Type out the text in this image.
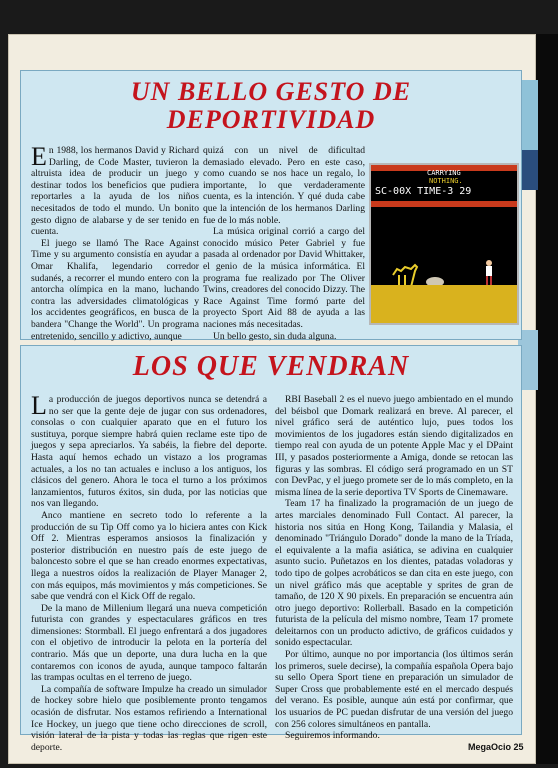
UN BELLO GESTO DE
DEPORTIVIDAD

En 1988, los hermanos David y Richard Darling, de Code Master, tuvieron la altruista idea de producir un juego y destinar todos los beneficios que pudiera reportarles a la ayuda de los niños necesitados de todo el mundo. Un bonito gesto digno de alabarse y de ser tenido en cuenta.

El juego se llamó The Race Against Time y su argumento consistía en ayudar a Omar Khalifa, legendario corredor sudanés, a recorrer el mundo entero con la antorcha olímpica en la mano, luchando contra las adversidades climatológicas y los accidentes geográficos, en busca de la bandera "Change the World". Un programa entretenido, sencillo y adictivo, aunque

quizá con un nivel de dificultad demasiado elevado. Pero en este caso, como cuando se nos hace un regalo, lo importante, lo que verdaderamente cuenta, es la intención. Y qué duda cabe que la intención de los hermanos Darling fue de lo más noble.

La música original corrió a cargo del conocido músico Peter Gabriel y fue pasada al ordenador por David Whittaker, el genio de la música informática. El programa fue realizado por The Oliver Twins, creadores del conocido Dizzy. The Race Against Time formó parte del proyecto Sport Aid 88 de ayuda a las naciones más necesitadas.

Un bello gesto, sin duda alguna.

CARRYING
NOTHING.
SC-00X TIME-3 29
LOS QUE VENDRAN

La producción de juegos deportivos nunca se detendrá a no ser que la gente deje de jugar con sus ordenadores, consolas o con cualquier aparato que en el futuro los sustituya, porque siempre habrá quien reclame este tipo de juegos y sepa apreciarlos. Ya sabéis, la fiebre del deporte. Hasta aquí hemos echado un vistazo a los programas actuales, a los no tan actuales e incluso a los antiguos, los clásicos del genero. Ahora le toca el turno a los próximos lanzamientos, futuros éxitos, sin duda, por las noticias que nos van llegando.

Anco mantiene en secreto todo lo referente a la producción de su Tip Off como ya lo hiciera antes con Kick Off 2. Mientras esperamos ansiosos la finalización y posterior distribución en nuestro país de este juego de baloncesto sobre el que se han creado enormes expectativas, llega a nuestros oídos la realización de Player Manager 2, con más equipos, más movimientos y más competiciones. Se sabe que vendrá con el Kick Off de regalo.

De la mano de Millenium llegará una nueva competición futurista con grandes y espectaculares gráficos en tres dimensiones: Stormball. El juego enfrentará a dos jugadores con el objetivo de introducir la pelota en la portería del contrario. Más que un deporte, una dura lucha en la que contaremos con iconos de ayuda, aunque tampoco faltarán las trampas ocultas en el terreno de juego.

La compañía de software Impulze ha creado un simulador de hockey sobre hielo que posiblemente pronto tengamos ocasión de disfrutar. Nos estamos refiriendo a International Ice Hockey, un juego que tiene ocho direcciones de scroll, visión lateral de la pista y todas las reglas que rigen este deporte.

RBI Baseball 2 es el nuevo juego ambientado en el mundo del béisbol que Domark realizará en breve. Al parecer, el nivel gráfico será de auténtico lujo, pues todos los movimientos de los jugadores están siendo digitalizados en tiempo real con ayuda de un potente Apple Mac y el DPaint III, y pasados posteriormente a Amiga, donde se retocan las figuras y las sombras. El código será programado en un ST con DevPac, y el juego promete ser de lo más completo, en la misma línea de la serie deportiva TV Sports de Cinemaware.

Team 17 ha finalizado la programación de un juego de artes marciales denominado Full Contact. Al parecer, la historia nos sitúa en Hong Kong, Tailandia y Malasia, el denominado "Triángulo Dorado" donde la mano de la Tríada, el equivalente a la mafia asiática, se adivina en cualquier asunto sucio. Puñetazos en los dientes, patadas voladoras y todo tipo de golpes acrobáticos se dan cita en este juego, con un nivel gráfico más que aceptable y sprites de gran de tamaño, de 120 X 90 pixels. En preparación se encuentra aún otro juego deportivo: Rollerball. Basado en la competición futurista de la película del mismo nombre, Team 17 promete deleitarnos con un producto adictivo, de gráficos cuidados y sonido espectacular.

Por último, aunque no por importancia (los últimos serán los primeros, suele decirse), la compañía española Opera bajo su sello Opera Sport tiene en preparación un simulador de Super Cross que probablemente esté en el mercado después del verano. Es posible, aunque aún está por confirmar, que los usuarios de PC puedan disfrutar de una versión del juego con 256 colores simultáneos en pantalla.

Seguiremos informando.

MegaOcio 25
